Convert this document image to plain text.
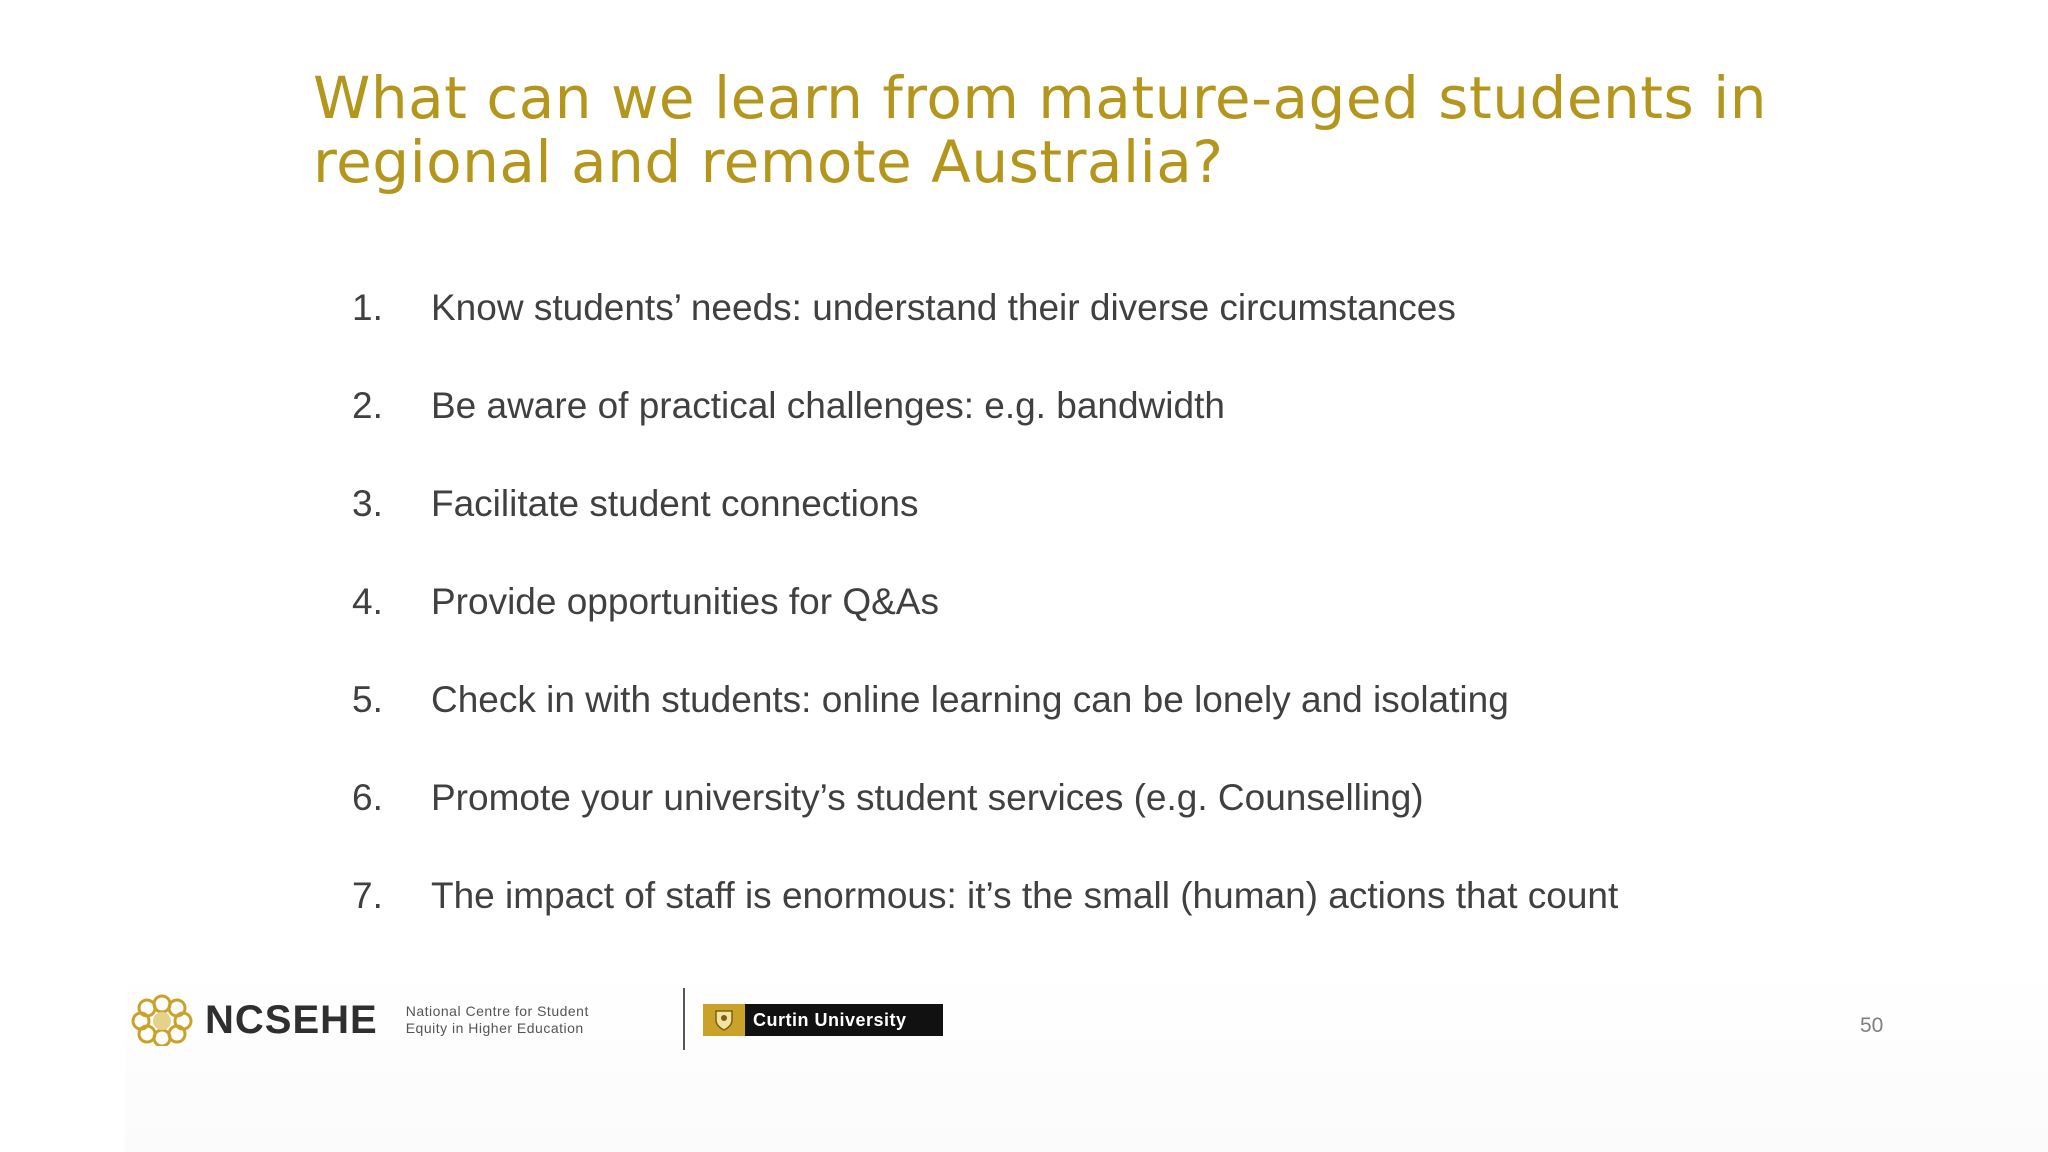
What can we learn from mature-aged students in
regional and remote Australia?
1. Know students’ needs: understand their diverse circumstances
2. Be aware of practical challenges: e.g. bandwidth
3. Facilitate student connections
4. Provide opportunities for Q&As
5. Check in with students: online learning can be lonely and isolating
6. Promote your university’s student services (e.g. Counselling)
7. The impact of staff is enormous: it’s the small (human) actions that count
NCSEHE National Centre for Student
Equity in Higher Education	Curtin University	50
